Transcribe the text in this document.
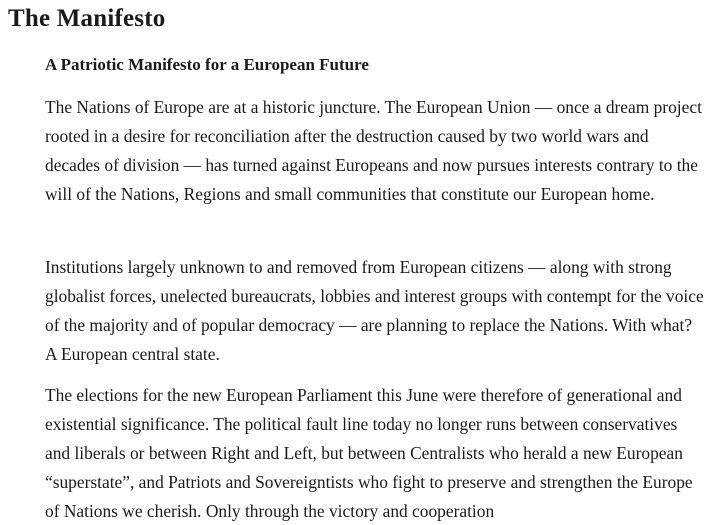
The Manifesto
A Patriotic Manifesto for a European Future

The Nations of Europe are at a historic juncture. The European Union — once a dream project rooted in a desire for reconciliation after the destruction caused by two world wars and decades of division — has turned against Europeans and now pursues interests contrary to the will of the Nations, Regions and small communities that constitute our European home.

Institutions largely unknown to and removed from European citizens — along with strong globalist forces, unelected bureaucrats, lobbies and interest groups with contempt for the voice of the majority and of popular democracy — are planning to replace the Nations. With what? A European central state.

The elections for the new European Parliament this June were therefore of generational and existential significance. The political fault line today no longer runs between conservatives and liberals or between Right and Left, but between Centralists who herald a new European “superstate”, and Patriots and Sovereigntists who fight to preserve and strengthen the Europe of Nations we cherish. Only through the victory and cooperation
